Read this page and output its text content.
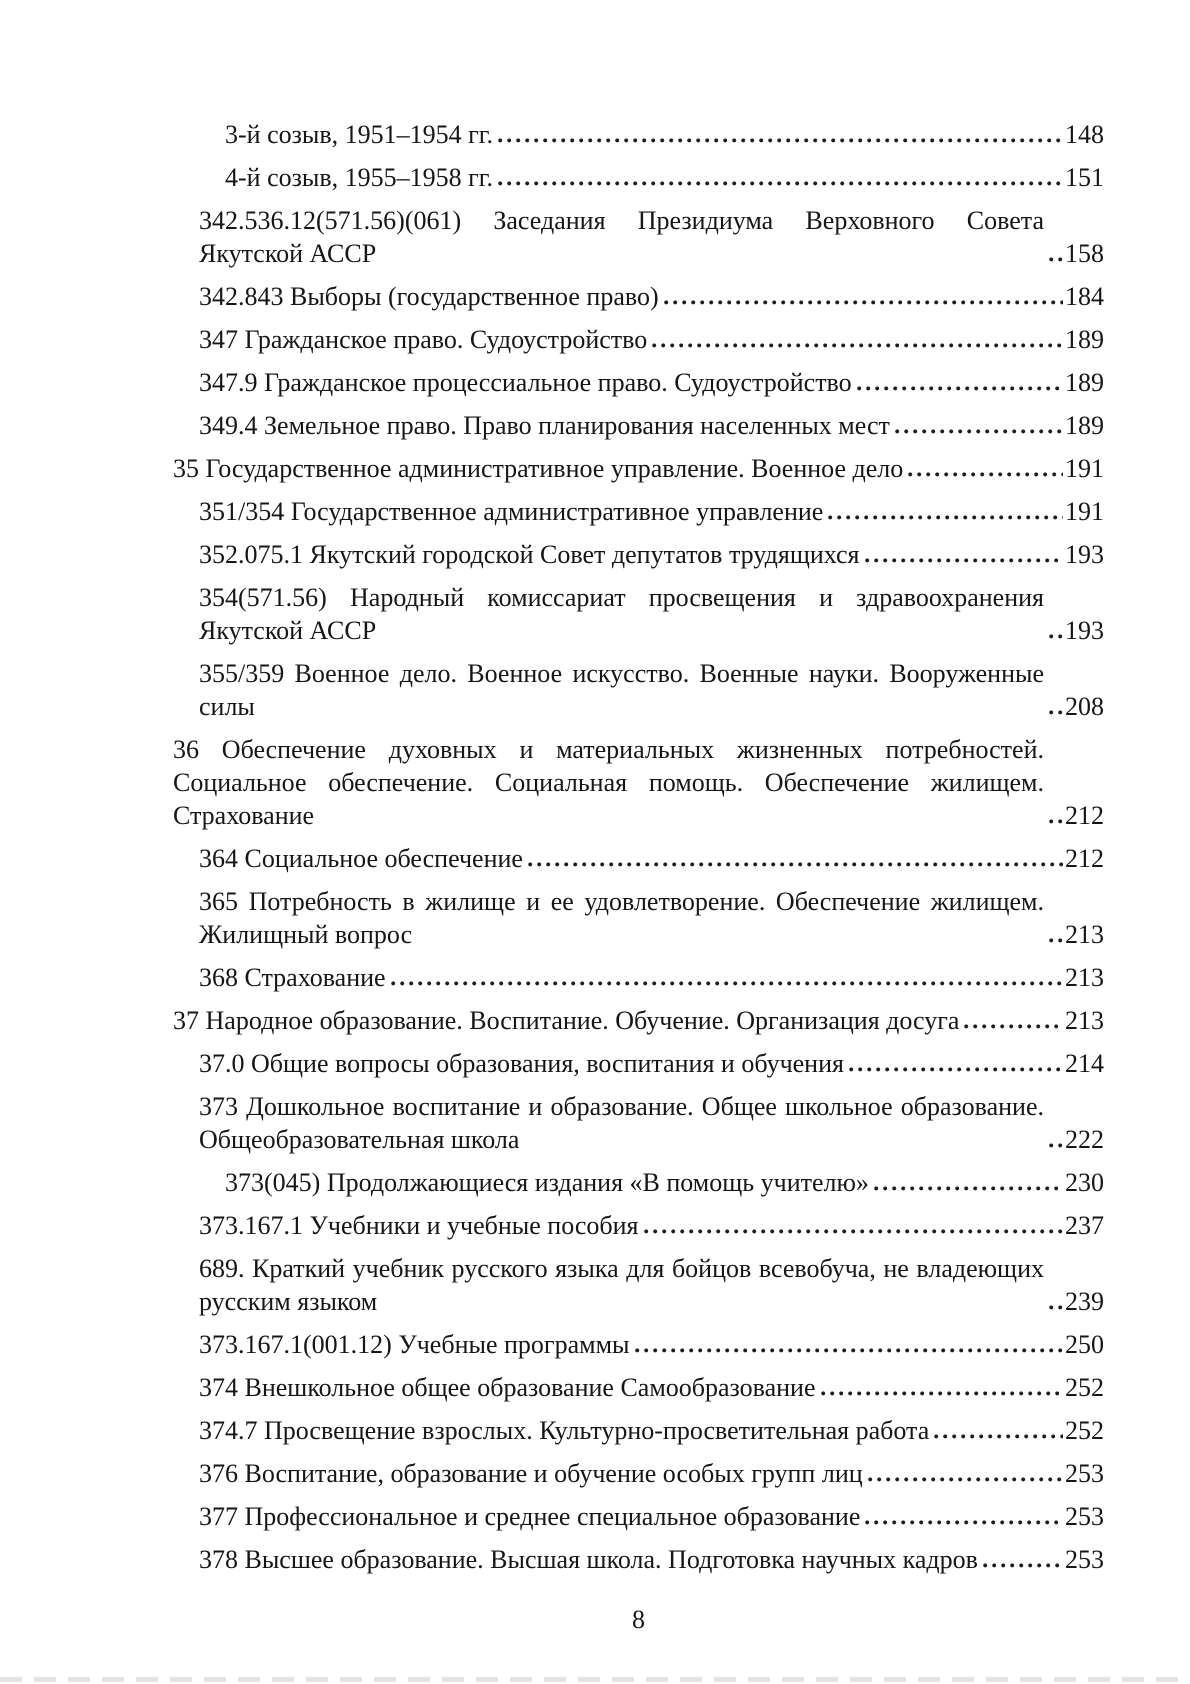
3-й созыв, 1951–1954 гг.	148

4-й созыв, 1955–1958 гг.	151

342.536.12(571.56)(061) Заседания Президиума Верховного Совета Якутской АССР	158

342.843 Выборы (государственное право)	184

347 Гражданское право. Судоустройство	189

347.9 Гражданское процессиальное право. Судоустройство	189

349.4 Земельное право. Право планирования населенных мест	189

35 Государственное административное управление. Военное дело	191

351/354 Государственное административное управление	191

352.075.1 Якутский городской Совет депутатов трудящихся	193

354(571.56) Народный комиссариат просвещения и здравоохранения Якутской АССР	193

355/359 Военное дело. Военное искусство. Военные науки. Вооруженные силы	208

36 Обеспечение духовных и материальных жизненных потребностей. Социальное обеспечение. Социальная помощь. Обеспечение жилищем. Страхование	212

364 Социальное обеспечение	212

365 Потребность в жилище и ее удовлетворение. Обеспечение жилищем. Жилищный вопрос	213

368 Страхование	213

37 Народное образование. Воспитание. Обучение. Организация досуга	213

37.0 Общие вопросы образования, воспитания и обучения	214

373 Дошкольное воспитание и образование. Общее школьное образование. Общеобразовательная школа	222

373(045) Продолжающиеся издания «В помощь учителю»	230

373.167.1 Учебники и учебные пособия	237

689. Краткий учебник русского языка для бойцов всевобуча, не владеющих русским языком	239

373.167.1(001.12) Учебные программы	250

374 Внешкольное общее образование Самообразование	252

374.7 Просвещение взрослых. Культурно-просветительная работа	252

376 Воспитание, образование и обучение особых групп лиц	253

377 Профессиональное и среднее специальное образование	253

378 Высшее образование. Высшая школа. Подготовка научных кадров	253

8
